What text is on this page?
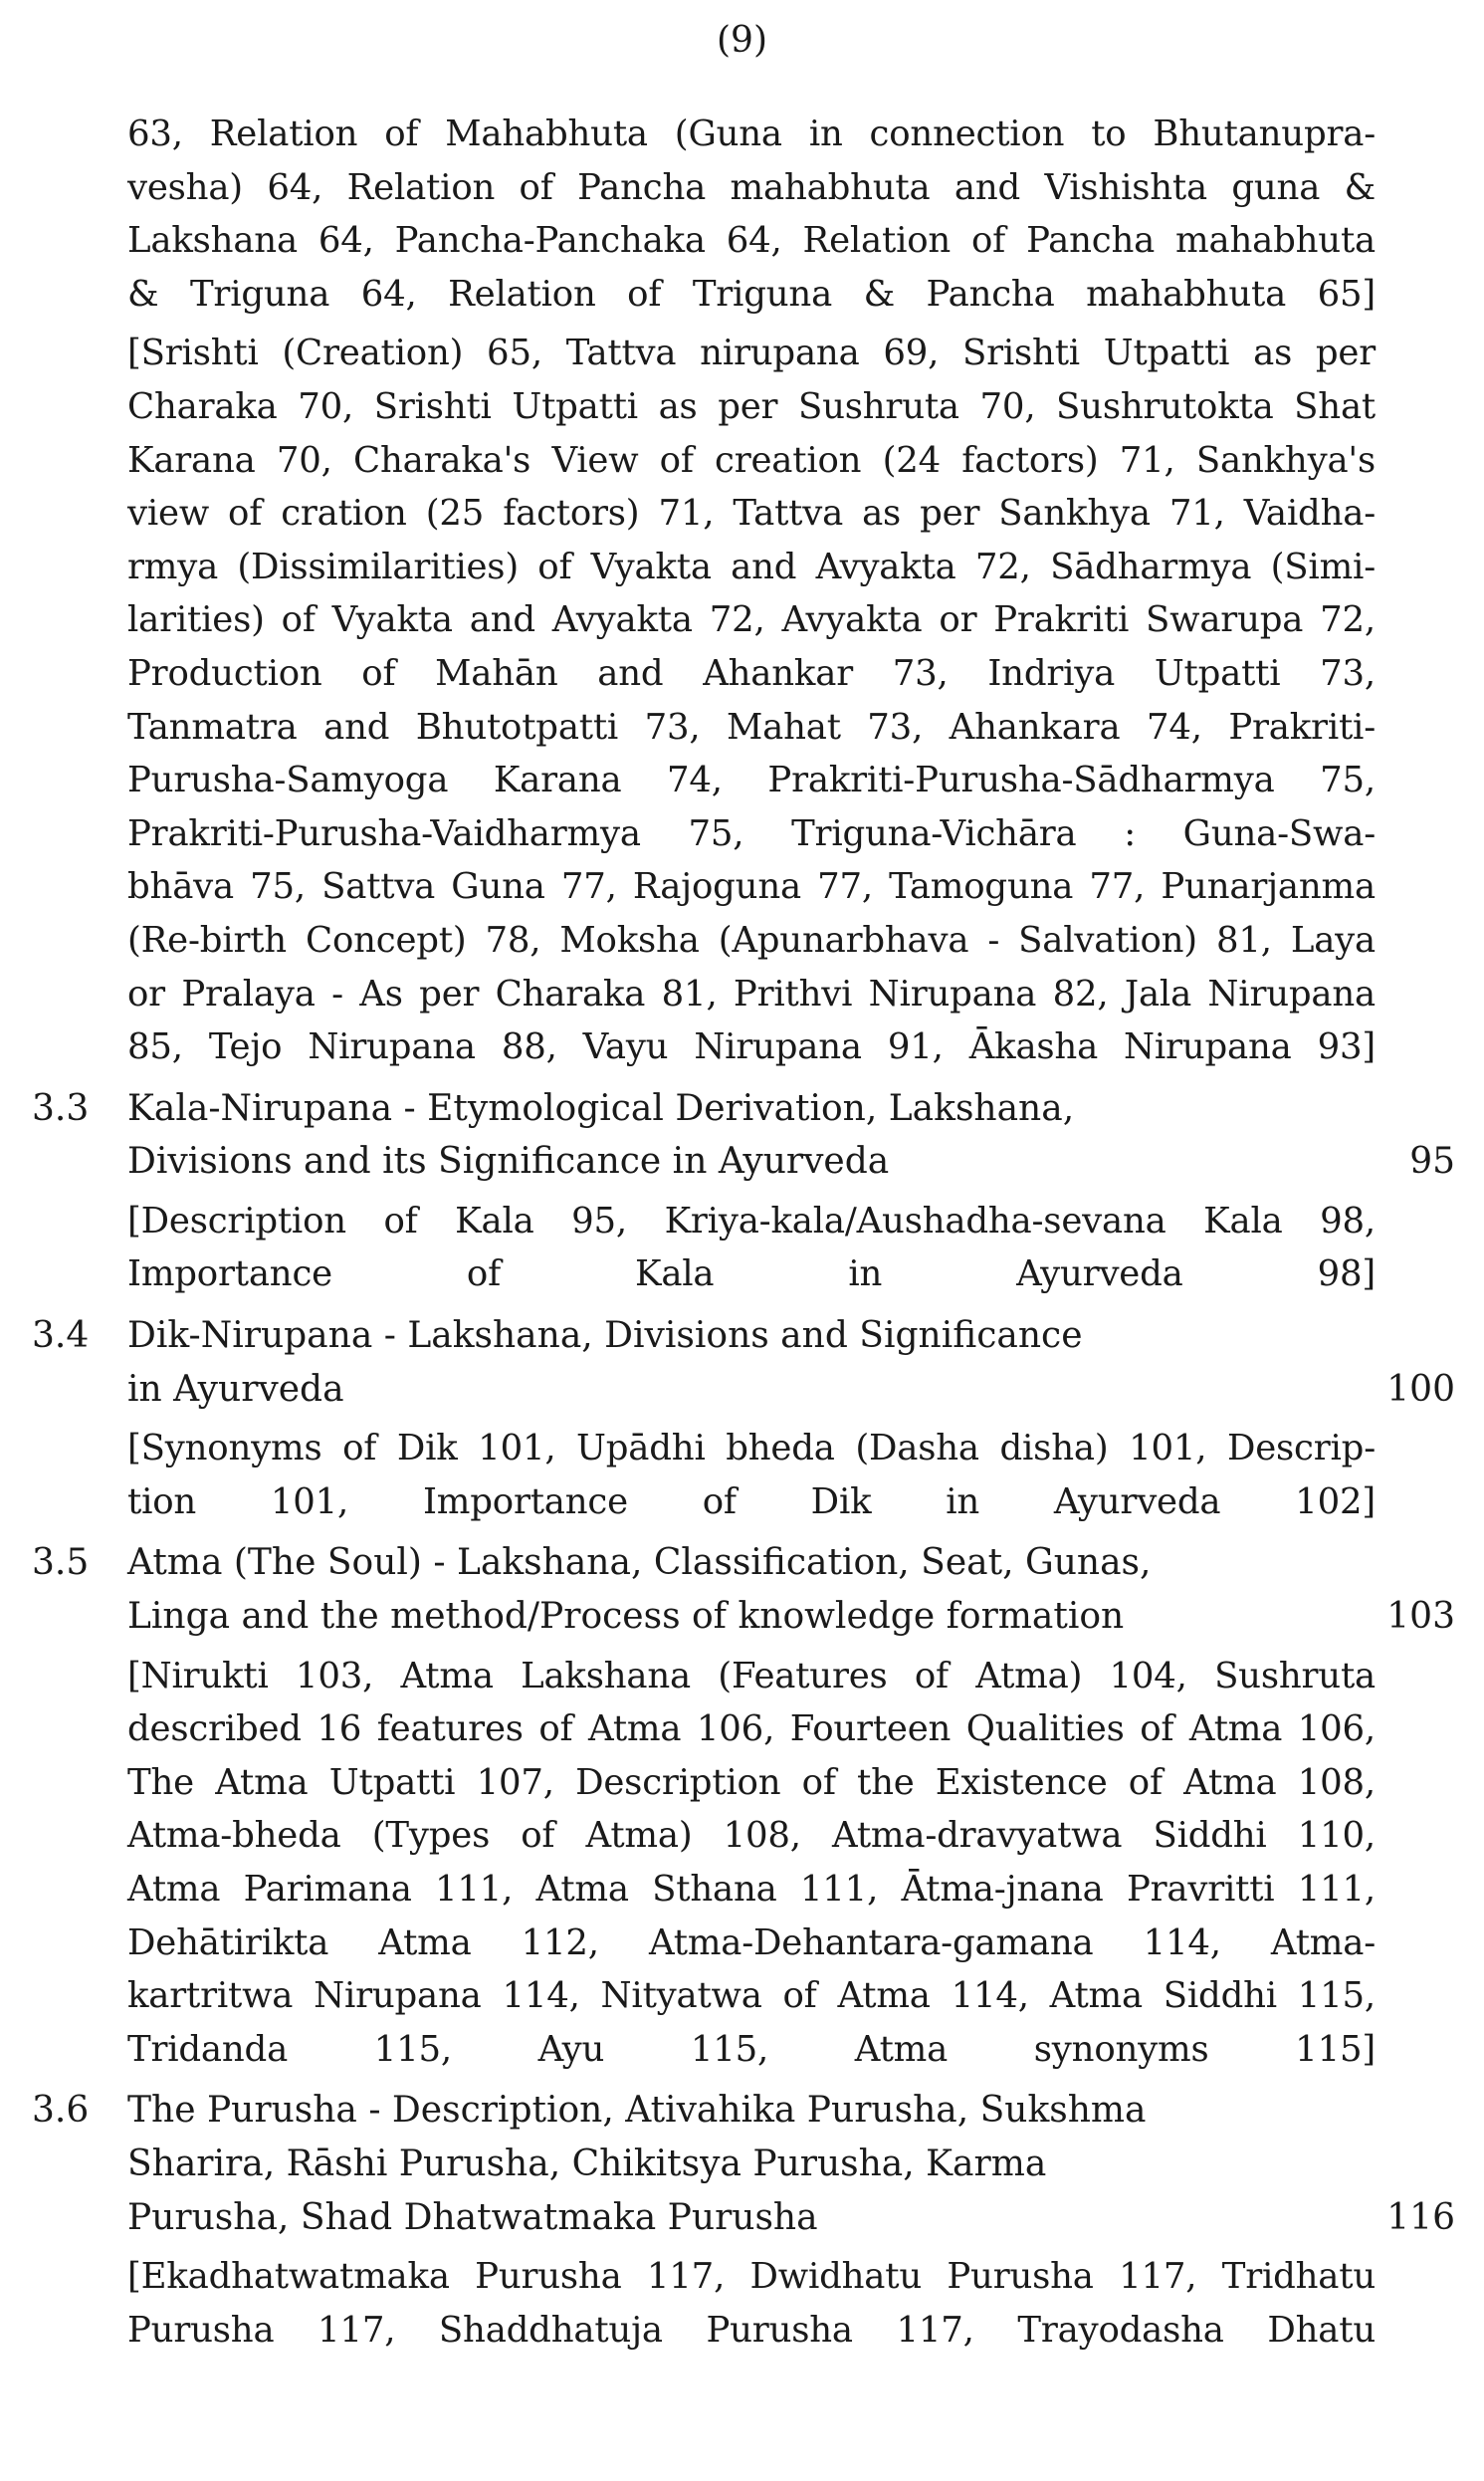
(9)
63, Relation of Mahabhuta (Guna in connection to Bhutanupra-
vesha) 64, Relation of Pancha mahabhuta and Vishishta guna &
Lakshana 64, Pancha-Panchaka 64, Relation of Pancha mahabhuta
& Triguna 64, Relation of Triguna & Pancha mahabhuta 65]
[Srishti (Creation) 65, Tattva nirupana 69, Srishti Utpatti as per
Charaka 70, Srishti Utpatti as per Sushruta 70, Sushrutokta Shat
Karana 70, Charaka's View of creation (24 factors) 71, Sankhya's
view of cration (25 factors) 71, Tattva as per Sankhya 71, Vaidha-
rmya (Dissimilarities) of Vyakta and Avyakta 72, Sādharmya (Simi-
larities) of Vyakta and Avyakta 72, Avyakta or Prakriti Swarupa 72,
Production of Mahān and Ahankar 73, Indriya Utpatti 73,
Tanmatra and Bhutotpatti 73, Mahat 73, Ahankara 74, Prakriti-
Purusha-Samyoga Karana 74, Prakriti-Purusha-Sādharmya 75,
Prakriti-Purusha-Vaidharmya 75, Triguna-Vichāra : Guna-Swa-
bhāva 75, Sattva Guna 77, Rajoguna 77, Tamoguna 77, Punarjanma
(Re-birth Concept) 78, Moksha (Apunarbhava - Salvation) 81, Laya
or Pralaya - As per Charaka 81, Prithvi Nirupana 82, Jala Nirupana
85, Tejo Nirupana 88, Vayu Nirupana 91, Ākasha Nirupana 93]
3.3	Kala-Nirupana - Etymological Derivation, Lakshana,
Divisions and its Significance in Ayurveda	95
[Description of Kala 95, Kriya-kala/Aushadha-sevana Kala 98,
Importance of Kala in Ayurveda 98]
3.4	Dik-Nirupana - Lakshana, Divisions and Significance
in Ayurveda	100
[Synonyms of Dik 101, Upādhi bheda (Dasha disha) 101, Descrip-
tion 101, Importance of Dik in Ayurveda 102]
3.5	Atma (The Soul) - Lakshana, Classification, Seat, Gunas,
Linga and the method/Process of knowledge formation	103
[Nirukti 103, Atma Lakshana (Features of Atma) 104, Sushruta
described 16 features of Atma 106, Fourteen Qualities of Atma 106,
The Atma Utpatti 107, Description of the Existence of Atma 108,
Atma-bheda (Types of Atma) 108, Atma-dravyatwa Siddhi 110,
Atma Parimana 111, Atma Sthana 111, Ātma-jnana Pravritti 111,
Dehātirikta Atma 112, Atma-Dehantara-gamana 114, Atma-
kartritwa Nirupana 114, Nityatwa of Atma 114, Atma Siddhi 115,
Tridanda 115, Ayu 115, Atma synonyms 115]
3.6	The Purusha - Description, Ativahika Purusha, Sukshma
Sharira, Rāshi Purusha, Chikitsya Purusha, Karma
Purusha, Shad Dhatwatmaka Purusha	116
[Ekadhatwatmaka Purusha 117, Dwidhatu Purusha 117, Tridhatu
Purusha 117, Shaddhatuja Purusha 117, Trayodasha Dhatu
